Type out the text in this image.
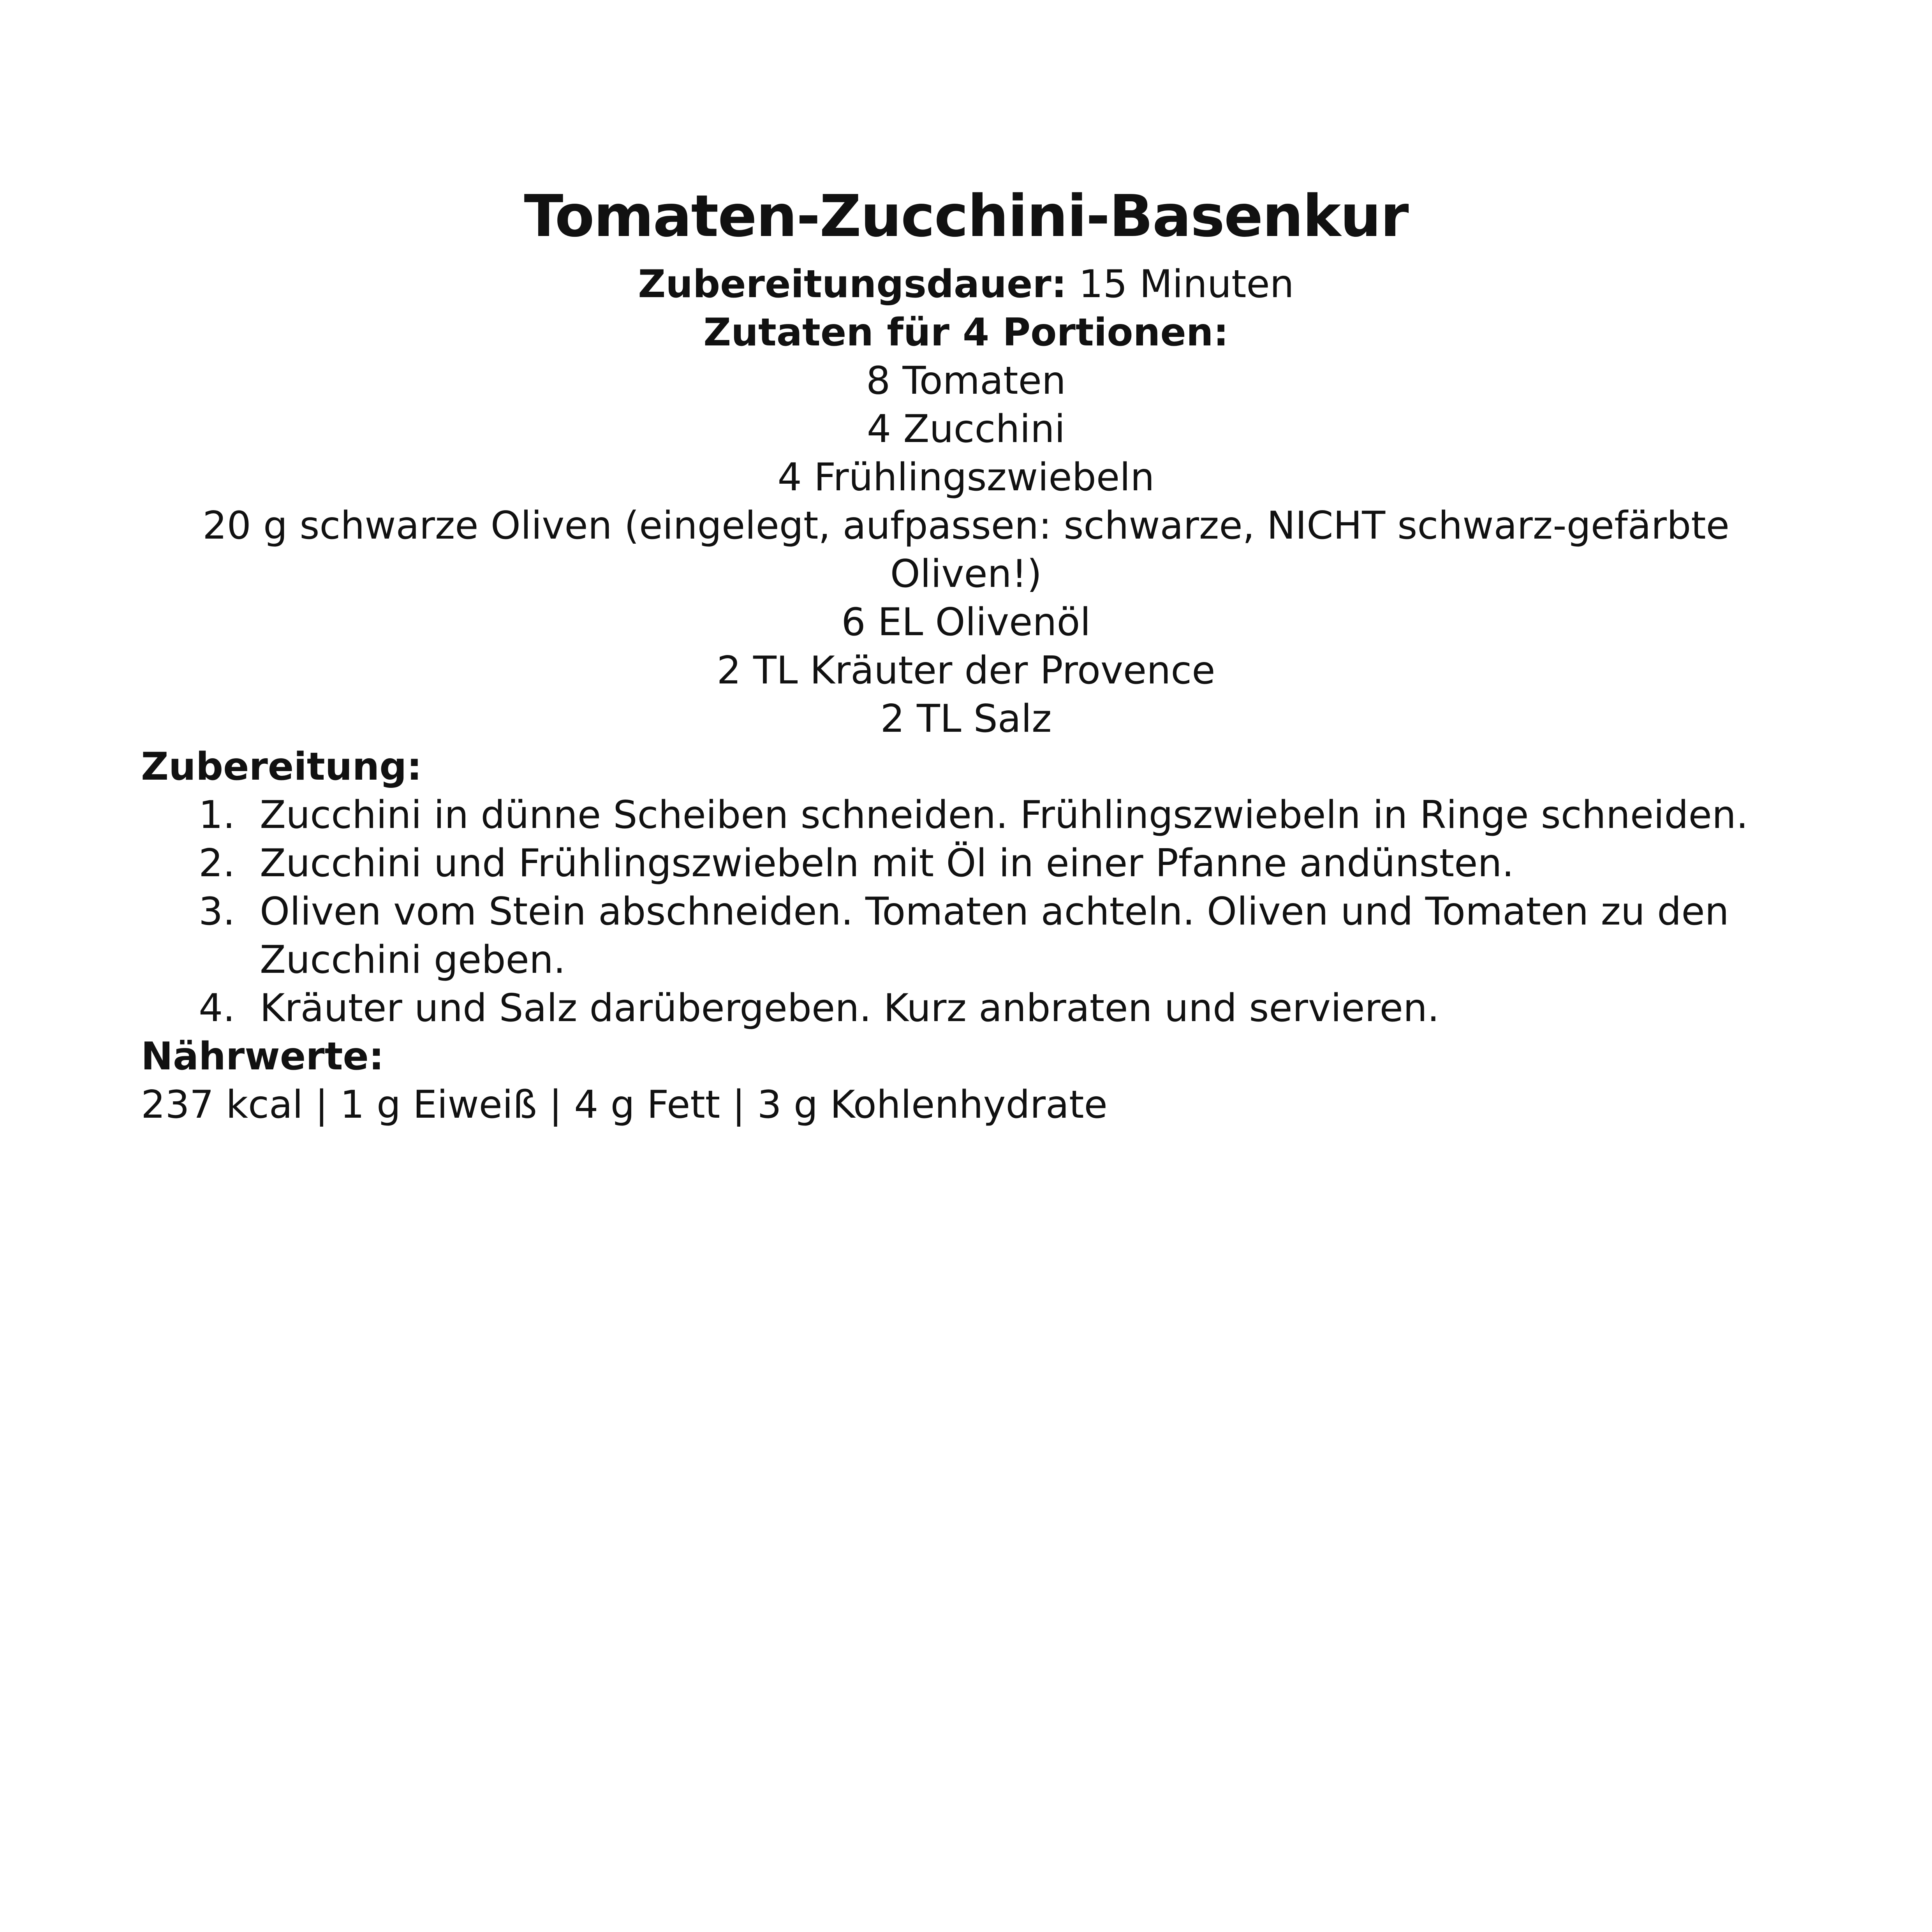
Tomaten-Zucchini-Basenkur
Zubereitungsdauer: 15 Minuten
Zutaten für 4 Portionen:
8 Tomaten
4 Zucchini
4 Frühlingszwiebeln
20 g schwarze Oliven (eingelegt, aufpassen: schwarze, NICHT schwarz-gefärbte
Oliven!)
6 EL Olivenöl
2 TL Kräuter der Provence
2 TL Salz
Zubereitung:
1. Zucchini in dünne Scheiben schneiden. Frühlingszwiebeln in Ringe schneiden.
2. Zucchini und Frühlingszwiebeln mit Öl in einer Pfanne andünsten.
3. Oliven vom Stein abschneiden. Tomaten achteln. Oliven und Tomaten zu den Zucchini geben.
4. Kräuter und Salz darübergeben. Kurz anbraten und servieren.
Nährwerte:
237 kcal | 1 g Eiweiß | 4 g Fett | 3 g Kohlenhydrate
